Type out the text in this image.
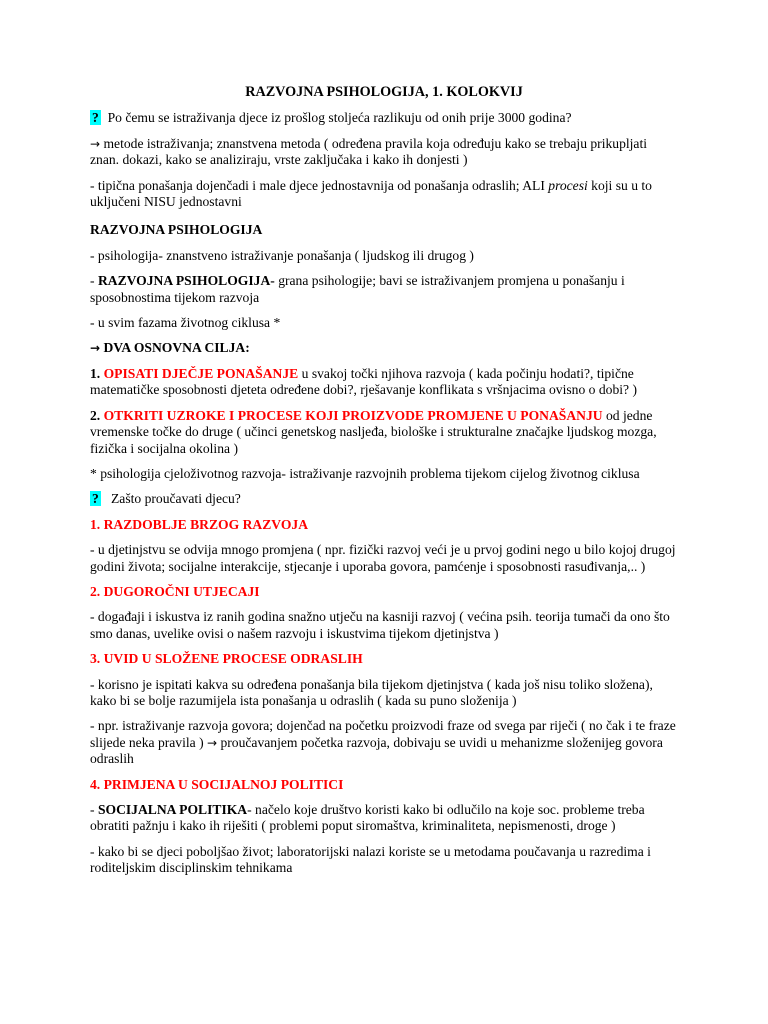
RAZVOJNA PSIHOLOGIJA, 1. KOLOKVIJ

? Po čemu se istraživanja djece iz prošlog stoljeća razlikuju od onih prije 3000 godina?

→ metode istraživanja; znanstvena metoda ( određena pravila koja određuju kako se trebaju prikupljati znan. dokazi, kako se analiziraju, vrste zaključaka i kako ih donjesti )

- tipična ponašanja dojenčadi i male djece jednostavnija od ponašanja odraslih; ALI procesi koji su u to uključeni NISU jednostavni

RAZVOJNA PSIHOLOGIJA

- psihologija- znanstveno istraživanje ponašanja ( ljudskog ili drugog )

- RAZVOJNA PSIHOLOGIJA- grana psihologije; bavi se istraživanjem promjena u ponašanju i sposobnostima tijekom razvoja

- u svim fazama životnog ciklusa *

→ DVA OSNOVNA CILJA:

1. OPISATI DJEČJE PONAŠANJE u svakoj točki njihova razvoja ( kada počinju hodati?, tipične matematičke sposobnosti djeteta određene dobi?, rješavanje konflikata s vršnjacima ovisno o dobi? )

2. OTKRITI UZROKE I PROCESE KOJI PROIZVODE PROMJENE U PONAŠANJU od jedne vremenske točke do druge ( učinci genetskog nasljeđa, biološke i strukturalne značajke ljudskog mozga, fizička i socijalna okolina )

* psihologija cjeloživotnog razvoja- istraživanje razvojnih problema tijekom cijelog životnog ciklusa

? Zašto proučavati djecu?

1. RAZDOBLJE BRZOG RAZVOJA

- u djetinjstvu se odvija mnogo promjena ( npr. fizički razvoj veći je u prvoj godini nego u bilo kojoj drugoj godini života; socijalne interakcije, stjecanje i uporaba govora, pamćenje i sposobnosti rasuđivanja,.. )

2. DUGOROČNI UTJECAJI

- događaji i iskustva iz ranih godina snažno utječu na kasniji razvoj ( većina psih. teorija tumači da ono što smo danas, uvelike ovisi o našem razvoju i iskustvima tijekom djetinjstva )

3. UVID U SLOŽENE PROCESE ODRASLIH

- korisno je ispitati kakva su određena ponašanja bila tijekom djetinjstva ( kada još nisu toliko složena), kako bi se bolje razumijela ista ponašanja u odraslih ( kada su puno složenija )

- npr. istraživanje razvoja govora; dojenčad na početku proizvodi fraze od svega par riječi ( no čak i te fraze slijede neka pravila ) → proučavanjem početka razvoja, dobivaju se uvidi u mehanizme složenijeg govora odraslih

4. PRIMJENA U SOCIJALNOJ POLITICI

- SOCIJALNA POLITIKA- načelo koje društvo koristi kako bi odlučilo na koje soc. probleme treba obratiti pažnju i kako ih riješiti ( problemi poput siromaštva, kriminaliteta, nepismenosti, droge )

- kako bi se djeci poboljšao život; laboratorijski nalazi koriste se u metodama poučavanja u razredima i roditeljskim disciplinskim tehnikama
